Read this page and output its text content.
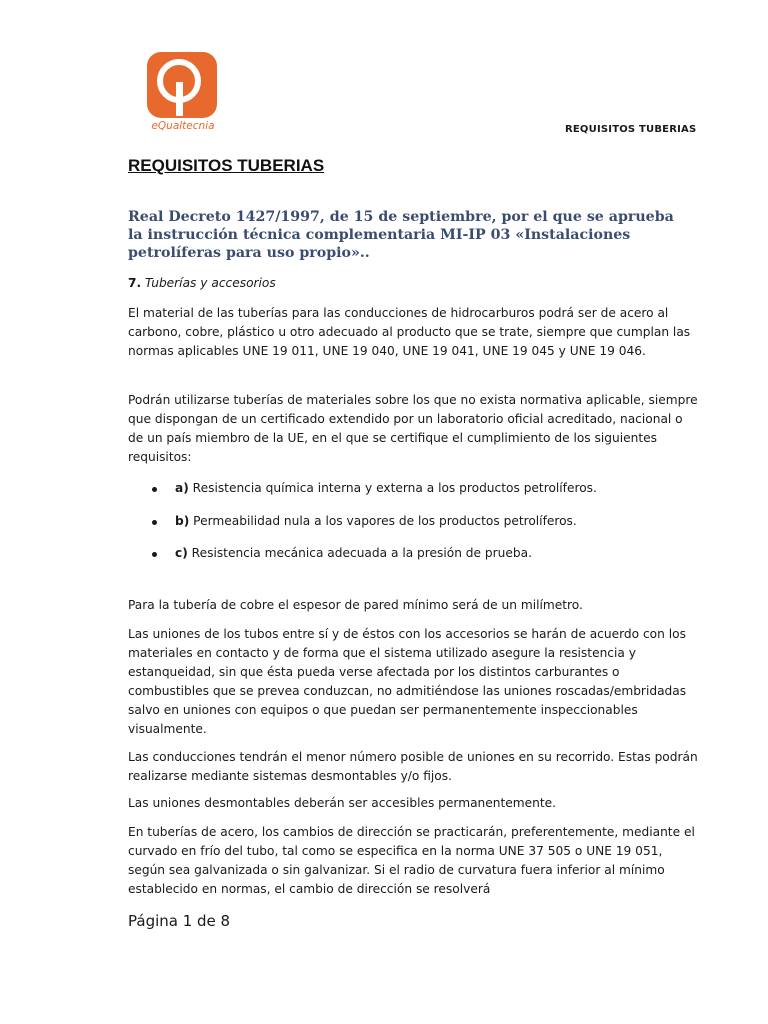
eQualtecnia	REQUISITOS TUBERIAS
REQUISITOS TUBERIAS
Real Decreto 1427/1997, de 15 de septiembre, por el que se aprueba la instrucción técnica complementaria MI-IP 03 «Instalaciones petrolíferas para uso propio»..
7. Tuberías y accesorios

El material de las tuberías para las conducciones de hidrocarburos podrá ser de acero al carbono, cobre, plástico u otro adecuado al producto que se trate, siempre que cumplan las normas aplicables UNE 19 011, UNE 19 040, UNE 19 041, UNE 19 045 y UNE 19 046.

Podrán utilizarse tuberías de materiales sobre los que no exista normativa aplicable, siempre que dispongan de un certificado extendido por un laboratorio oficial acreditado, nacional o de un país miembro de la UE, en el que se certifique el cumplimiento de los siguientes requisitos:

a) Resistencia química interna y externa a los productos petrolíferos.
b) Permeabilidad nula a los vapores de los productos petrolíferos.
c) Resistencia mecánica adecuada a la presión de prueba.

Para la tubería de cobre el espesor de pared mínimo será de un milímetro.

Las uniones de los tubos entre sí y de éstos con los accesorios se harán de acuerdo con los materiales en contacto y de forma que el sistema utilizado asegure la resistencia y estanqueidad, sin que ésta pueda verse afectada por los distintos carburantes o combustibles que se prevea conduzcan, no admitiéndose las uniones roscadas/embridadas salvo en uniones con equipos o que puedan ser permanentemente inspeccionables visualmente.

Las conducciones tendrán el menor número posible de uniones en su recorrido. Estas podrán realizarse mediante sistemas desmontables y/o fijos.

Las uniones desmontables deberán ser accesibles permanentemente.

En tuberías de acero, los cambios de dirección se practicarán, preferentemente, mediante el curvado en frío del tubo, tal como se especifica en la norma UNE 37 505 o UNE 19 051, según sea galvanizada o sin galvanizar. Si el radio de curvatura fuera inferior al mínimo establecido en normas, el cambio de dirección se resolverá

Página 1 de 8
